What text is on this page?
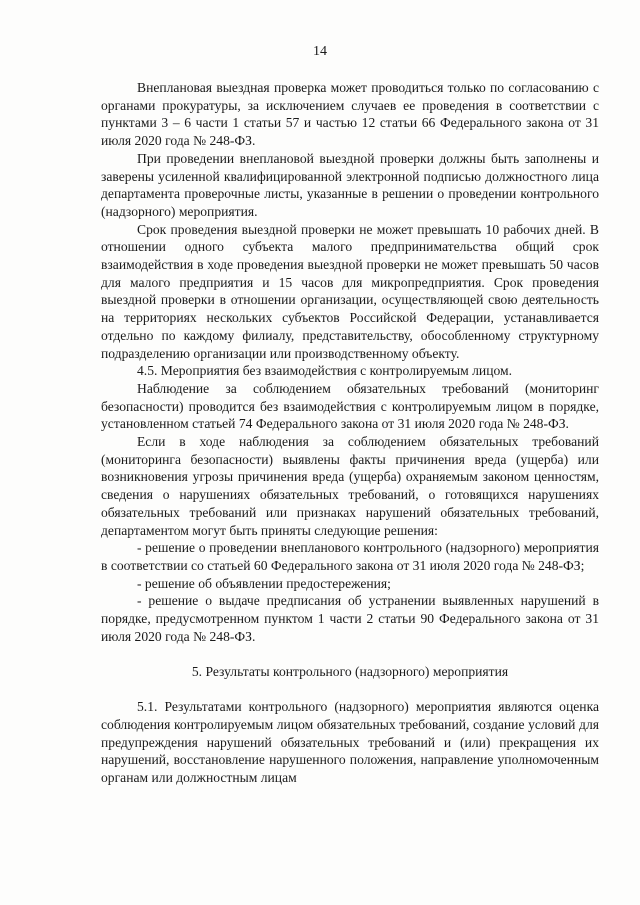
14

Внеплановая выездная проверка может проводиться только по согласованию с органами прокуратуры, за исключением случаев ее проведения в соответствии с пунктами 3 – 6 части 1 статьи 57 и частью 12 статьи 66 Федерального закона от 31 июля 2020 года № 248-ФЗ.

При проведении внеплановой выездной проверки должны быть заполнены и заверены усиленной квалифицированной электронной подписью должностного лица департамента проверочные листы, указанные в решении о проведении контрольного (надзорного) мероприятия.

Срок проведения выездной проверки не может превышать 10 рабочих дней. В отношении одного субъекта малого предпринимательства общий срок взаимодействия в ходе проведения выездной проверки не может превышать 50 часов для малого предприятия и 15 часов для микропредприятия. Срок проведения выездной проверки в отношении организации, осуществляющей свою деятельность на территориях нескольких субъектов Российской Федерации, устанавливается отдельно по каждому филиалу, представительству, обособленному структурному подразделению организации или производственному объекту.

4.5. Мероприятия без взаимодействия с контролируемым лицом.

Наблюдение за соблюдением обязательных требований (мониторинг безопасности) проводится без взаимодействия с контролируемым лицом в порядке, установленном статьей 74 Федерального закона от 31 июля 2020 года № 248-ФЗ.

Если в ходе наблюдения за соблюдением обязательных требований (мониторинга безопасности) выявлены факты причинения вреда (ущерба) или возникновения угрозы причинения вреда (ущерба) охраняемым законом ценностям, сведения о нарушениях обязательных требований, о готовящихся нарушениях обязательных требований или признаках нарушений обязательных требований, департаментом могут быть приняты следующие решения:

- решение о проведении внепланового контрольного (надзорного) мероприятия в соответствии со статьей 60 Федерального закона от 31 июля 2020 года № 248-ФЗ;

- решение об объявлении предостережения;

- решение о выдаче предписания об устранении выявленных нарушений в порядке, предусмотренном пунктом 1 части 2 статьи 90 Федерального закона от 31 июля 2020 года № 248-ФЗ.

5. Результаты контрольного (надзорного) мероприятия

5.1. Результатами контрольного (надзорного) мероприятия являются оценка соблюдения контролируемым лицом обязательных требований, создание условий для предупреждения нарушений обязательных требований и (или) прекращения их нарушений, восстановление нарушенного положения, направление уполномоченным органам или должностным лицам
